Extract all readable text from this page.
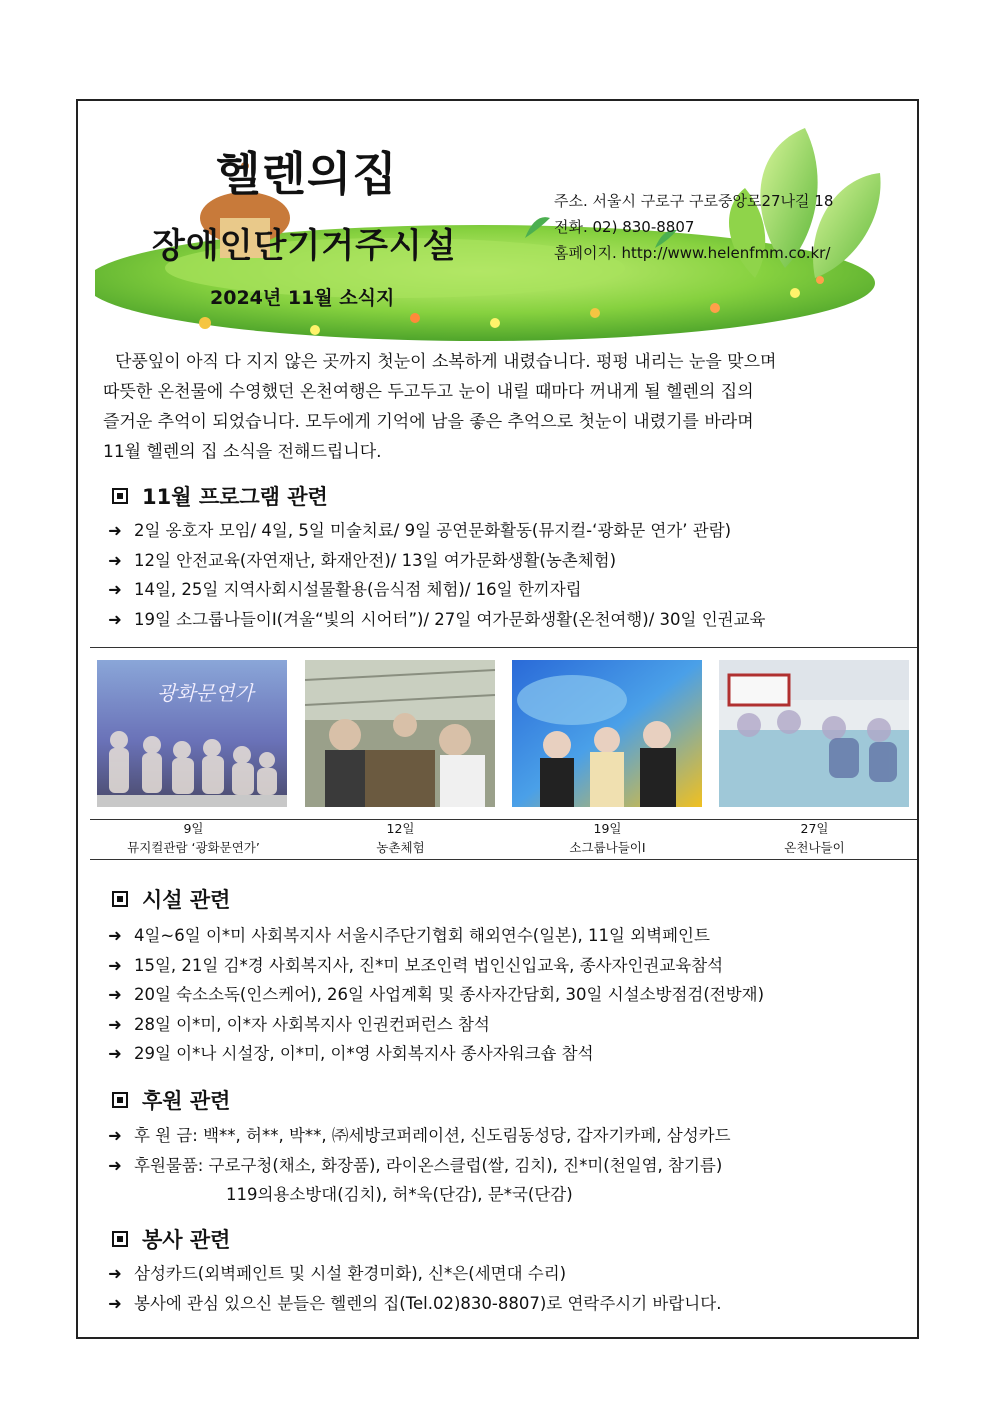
헬렌의집
장애인단기거주시설
2024년 11월 소식지
주소. 서울시 구로구 구로중앙로27나길 18
전화. 02) 830-8807
홈페이지. http://www.helenfmm.co.kr/
단풍잎이 아직 다 지지 않은 곳까지 첫눈이 소복하게 내렸습니다. 펑펑 내리는 눈을 맞으며
따뜻한 온천물에 수영했던 온천여행은 두고두고 눈이 내릴 때마다 꺼내게 될 헬렌의 집의
즐거운 추억이 되었습니다. 모두에게 기억에 남을 좋은 추억으로 첫눈이 내렸기를 바라며
11월 헬렌의 집 소식을 전해드립니다.
11월 프로그램 관련
➜ 2일 옹호자 모임/ 4일, 5일 미술치료/ 9일 공연문화활동(뮤지컬-‘광화문 연가’ 관람)
➜ 12일 안전교육(자연재난, 화재안전)/ 13일 여가문화생활(농촌체험)
➜ 14일, 25일 지역사회시설물활용(음식점 체험)/ 16일 한끼자립
➜ 19일 소그룹나들이Ⅰ(겨울“빛의 시어터”)/ 27일 여가문화생활(온천여행)/ 30일 인권교육
광화문연가
9일
뮤지컬관람 ‘광화문연가’
12일
농촌체험
19일
소그룹나들이Ⅰ
27일
온천나들이
시설 관련
➜ 4일~6일 이*미 사회복지사 서울시주단기협회 해외연수(일본), 11일 외벽페인트
➜ 15일, 21일 김*경 사회복지사, 진*미 보조인력 법인신입교육, 종사자인권교육참석
➜ 20일 숙소소독(인스케어), 26일 사업계획 및 종사자간담회, 30일 시설소방점검(전방재)
➜ 28일 이*미, 이*자 사회복지사 인권컨퍼런스 참석
➜ 29일 이*나 시설장, 이*미, 이*영 사회복지사 종사자워크숍 참석
후원 관련
➜ 후 원 금: 백**, 허**, 박**, ㈜세방코퍼레이션, 신도림동성당, 갑자기카페, 삼성카드
➜ 후원물품: 구로구청(채소, 화장품), 라이온스클럽(쌀, 김치), 진*미(천일염, 참기름)
119의용소방대(김치), 허*욱(단감), 문*국(단감)
봉사 관련
➜ 삼성카드(외벽페인트 및 시설 환경미화), 신*은(세면대 수리)
➜ 봉사에 관심 있으신 분들은 헬렌의 집(Tel.02)830-8807)로 연락주시기 바랍니다.
